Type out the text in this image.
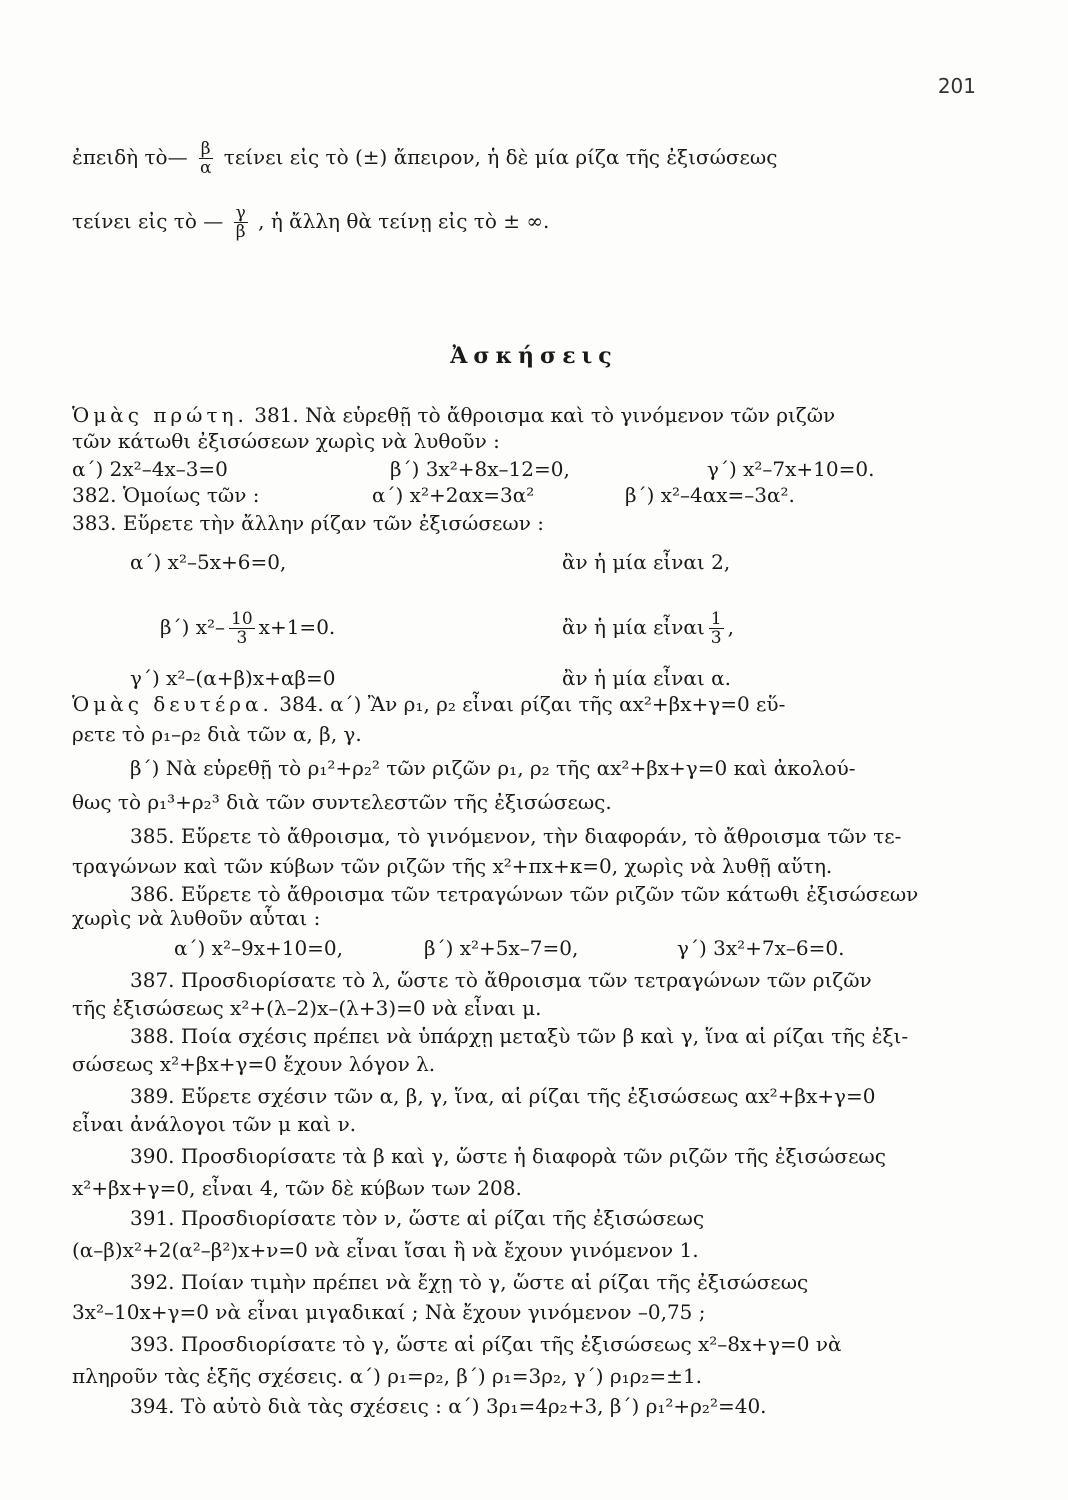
201
ἐπειδὴ τὸ— $\frac{\beta}{\alpha}$ τείνει εἰς τὸ (±) ἄπειρον, ἡ δὲ μία ρίζα τῆς ἐξισώσεως
τείνει εἰς τὸ — $\frac{\gamma}{\beta}$ , ἡ ἄλλη θὰ τείνῃ εἰς τὸ ± ∞.
Ἀσκήσεις
Ὁμὰς πρώτη. 381. Νὰ εὑρεθῇ τὸ ἄθροισμα καὶ τὸ γινόμενον τῶν ριζῶν
τῶν κάτωθι ἐξισώσεων χωρὶς νὰ λυθοῦν :
α΄) 2x²–4x–3=0	β΄) 3x²+8x–12=0,	γ΄) x²–7x+10=0.
382. Ὁμοίως τῶν :	α΄) x²+2αx=3α²	β΄) x²–4αx=–3α².
383. Εὕρετε τὴν ἄλλην ρίζαν τῶν ἐξισώσεων :
α΄) x²–5x+6=0,	ἂν ἡ μία εἶναι 2,
β΄) $x^2- \frac{10}{3} x+1=0$.	ἂν ἡ μία εἶναι $\frac{1}{3}$ ,
γ΄) x²–(α+β)x+αβ=0	ἂν ἡ μία εἶναι α.
Ὁμὰς δευτέρα. 384. α΄) Ἂν ρ₁, ρ₂ εἶναι ρίζαι τῆς αx²+βx+γ=0 εὕ-
ρετε τὸ ρ₁–ρ₂ διὰ τῶν α, β, γ.
β΄) Νὰ εὑρεθῇ τὸ ρ₁²+ρ₂² τῶν ριζῶν ρ₁, ρ₂ τῆς αx²+βx+γ=0 καὶ ἀκολού-
θως τὸ ρ₁³+ρ₂³ διὰ τῶν συντελεστῶν τῆς ἐξισώσεως.
385. Εὕρετε τὸ ἄθροισμα, τὸ γινόμενον, τὴν διαφοράν, τὸ ἄθροισμα τῶν τε-
τραγώνων καὶ τῶν κύβων τῶν ριζῶν τῆς x²+πx+κ=0, χωρὶς νὰ λυθῇ αὕτη.
386. Εὕρετε τὸ ἄθροισμα τῶν τετραγώνων τῶν ριζῶν τῶν κάτωθι ἐξισώσεων
χωρὶς νὰ λυθοῦν αὗται :
α΄) x²–9x+10=0,	β΄) x²+5x–7=0,	γ΄) 3x²+7x–6=0.
387. Προσδιορίσατε τὸ λ, ὥστε τὸ ἄθροισμα τῶν τετραγώνων τῶν ριζῶν
τῆς ἐξισώσεως x²+(λ–2)x–(λ+3)=0 νὰ εἶναι μ.
388. Ποία σχέσις πρέπει νὰ ὑπάρχῃ μεταξὺ τῶν β καὶ γ, ἵνα αἱ ρίζαι τῆς ἐξι-
σώσεως x²+βx+γ=0 ἔχουν λόγον λ.
389. Εὕρετε σχέσιν τῶν α, β, γ, ἵνα, αἱ ρίζαι τῆς ἐξισώσεως αx²+βx+γ=0
εἶναι ἀνάλογοι τῶν μ καὶ ν.
390. Προσδιορίσατε τὰ β καὶ γ, ὥστε ἡ διαφορὰ τῶν ριζῶν τῆς ἐξισώσεως
x²+βx+γ=0, εἶναι 4, τῶν δὲ κύβων των 208.
391. Προσδιορίσατε τὸν ν, ὥστε αἱ ρίζαι τῆς ἐξισώσεως
(α–β)x²+2(α²–β²)x+ν=0 νὰ εἶναι ἴσαι ἢ νὰ ἔχουν γινόμενον 1.
392. Ποίαν τιμὴν πρέπει νὰ ἔχῃ τὸ γ, ὥστε αἱ ρίζαι τῆς ἐξισώσεως
3x²–10x+γ=0 νὰ εἶναι μιγαδικαί ; Νὰ ἔχουν γινόμενον –0,75 ;
393. Προσδιορίσατε τὸ γ, ὥστε αἱ ρίζαι τῆς ἐξισώσεως x²–8x+γ=0 νὰ
πληροῦν τὰς ἑξῆς σχέσεις. α΄) ρ₁=ρ₂, β΄) ρ₁=3ρ₂, γ΄) ρ₁ρ₂=±1.
394. Τὸ αὐτὸ διὰ τὰς σχέσεις : α΄) 3ρ₁=4ρ₂+3, β΄) ρ₁²+ρ₂²=40.
